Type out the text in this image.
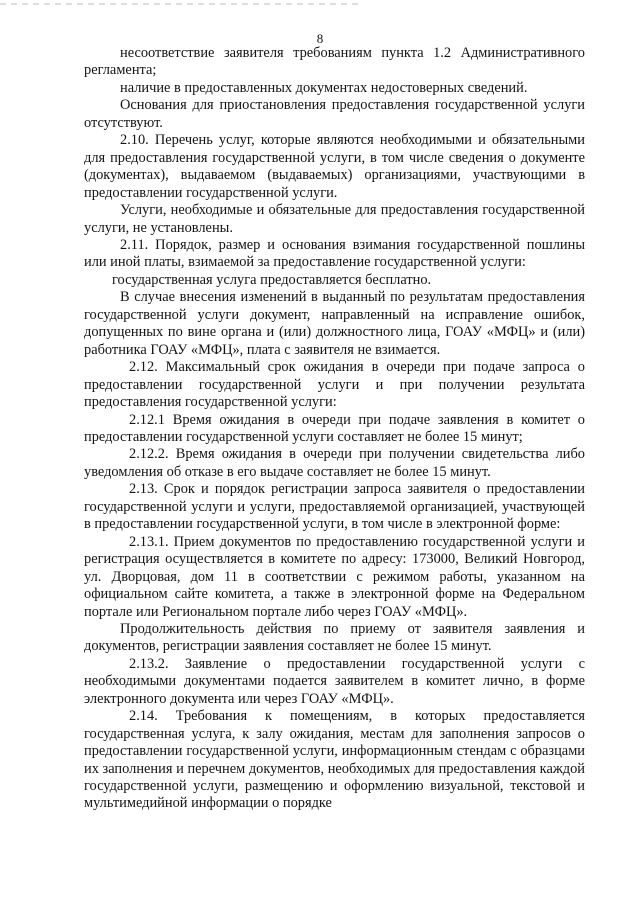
8

несоответствие заявителя требованиям пункта 1.2 Административного регламента;

наличие в предоставленных документах недостоверных сведений.

Основания для приостановления предоставления государственной услуги отсутствуют.

2.10. Перечень услуг, которые являются необходимыми и обязательными для предоставления государственной услуги, в том числе сведения о документе (документах), выдаваемом (выдаваемых) организациями, участвующими в предоставлении государственной услуги.

Услуги, необходимые и обязательные для предоставления государственной услуги, не установлены.

2.11. Порядок, размер и основания взимания государственной пошлины или иной платы, взимаемой за предоставление государственной услуги:

государственная услуга предоставляется бесплатно.

В случае внесения изменений в выданный по результатам предоставления государственной услуги документ, направленный на исправление ошибок, допущенных по вине органа и (или) должностного лица, ГОАУ «МФЦ» и (или) работника ГОАУ «МФЦ», плата с заявителя не взимается.

2.12. Максимальный срок ожидания в очереди при подаче запроса о предоставлении государственной услуги и при получении результата предоставления государственной услуги:

2.12.1 Время ожидания в очереди при подаче заявления в комитет о предоставлении государственной услуги составляет не более 15 минут;

2.12.2. Время ожидания в очереди при получении свидетельства либо уведомления об отказе в его выдаче составляет не более 15 минут.

2.13. Срок и порядок регистрации запроса заявителя о предоставлении государственной услуги и услуги, предоставляемой организацией, участвующей в предоставлении государственной услуги, в том числе в электронной форме:

2.13.1. Прием документов по предоставлению государственной услуги и регистрация осуществляется в комитете по адресу: 173000, Великий Новгород, ул. Дворцовая, дом 11 в соответствии с режимом работы, указанном на официальном сайте комитета, а также в электронной форме на Федеральном портале или Региональном портале либо через ГОАУ «МФЦ».

Продолжительность действия по приему от заявителя заявления и документов, регистрации заявления составляет не более 15 минут.

2.13.2. Заявление о предоставлении государственной услуги с необходимыми документами подается заявителем в комитет лично, в форме электронного документа или через ГОАУ «МФЦ».

2.14. Требования к помещениям, в которых предоставляется государственная услуга, к залу ожидания, местам для заполнения запросов о предоставлении государственной услуги, информационным стендам с образцами их заполнения и перечнем документов, необходимых для предоставления каждой государственной услуги, размещению и оформлению визуальной, текстовой и мультимедийной информации о порядке
